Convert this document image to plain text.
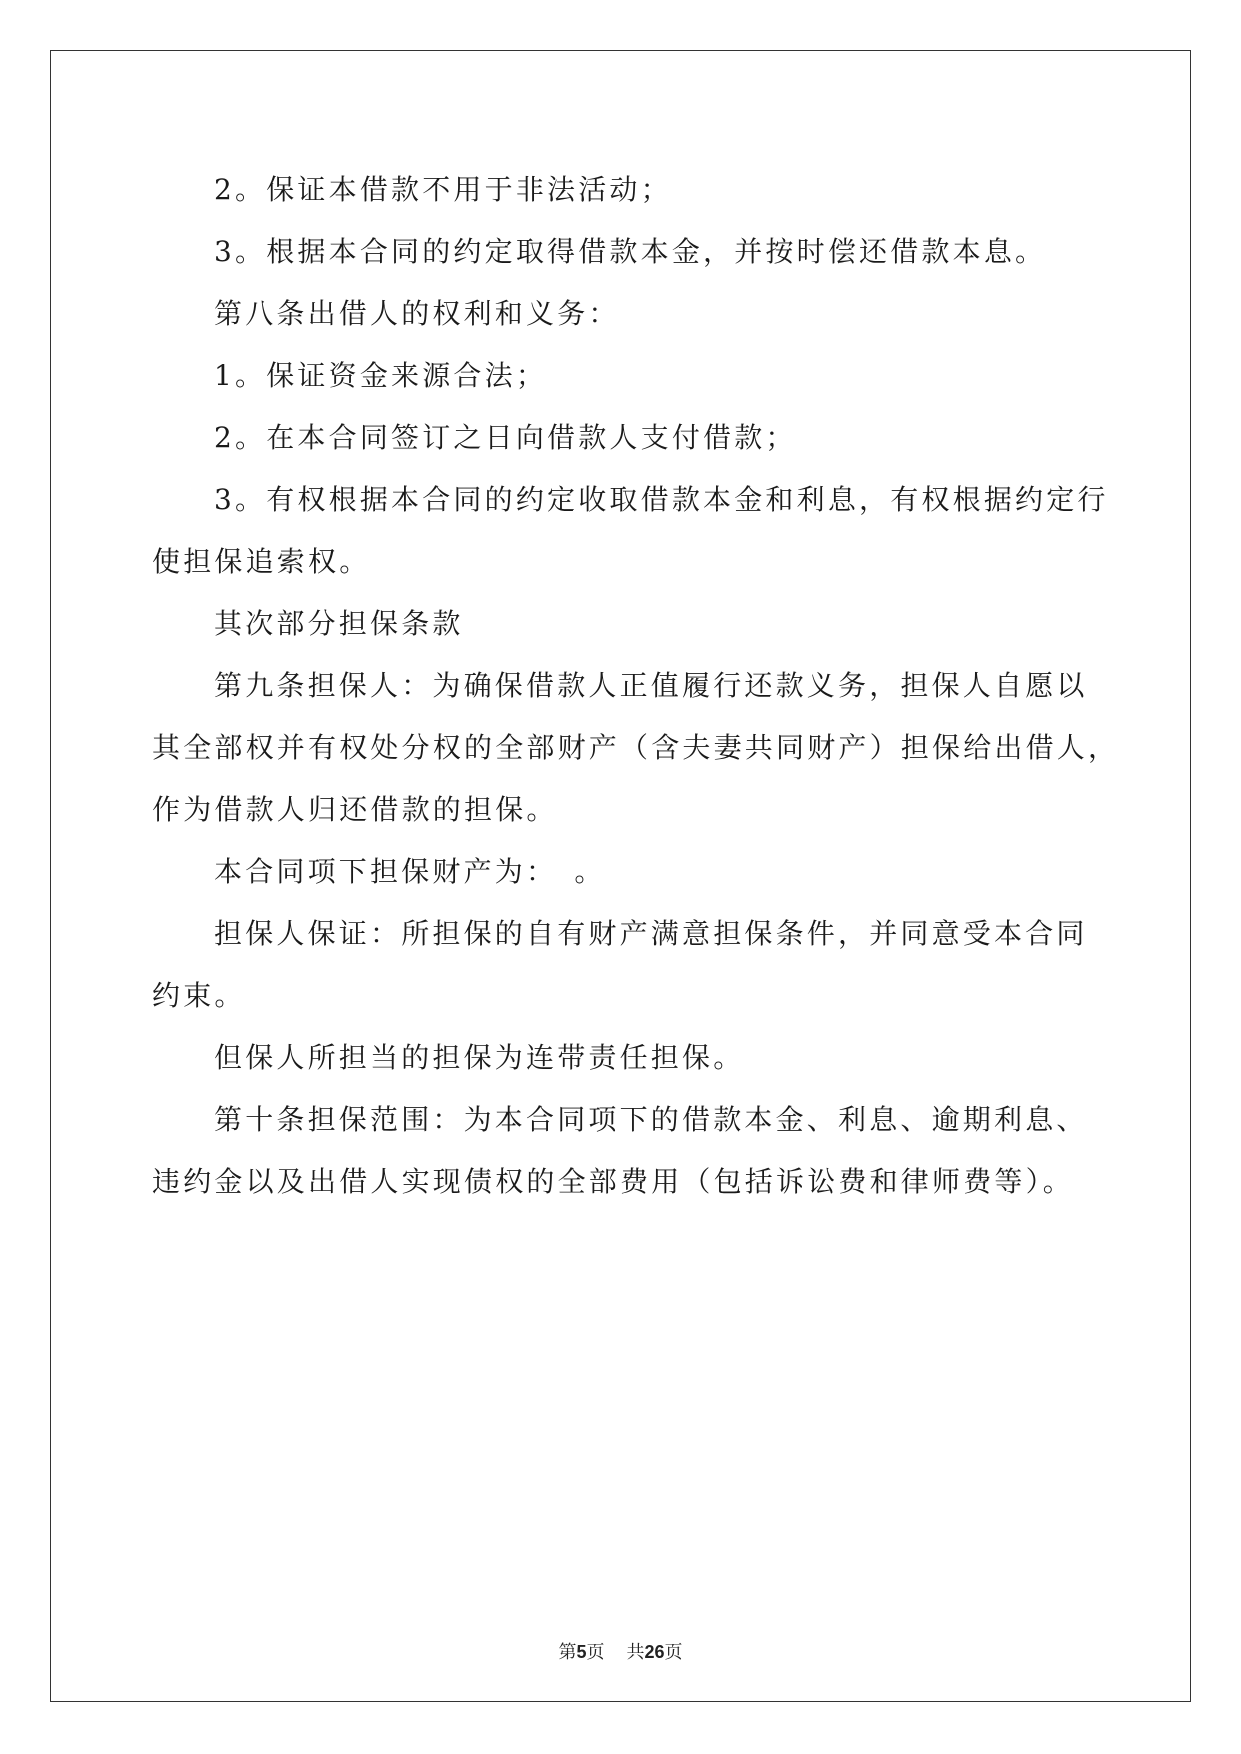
2。保证本借款不用于非法活动；

3。根据本合同的约定取得借款本金，并按时偿还借款本息。

第八条出借人的权利和义务：

1。保证资金来源合法；

2。在本合同签订之日向借款人支付借款；

3。有权根据本合同的约定收取借款本金和利息，有权根据约定行

使担保追索权。

其次部分担保条款

第九条担保人：为确保借款人正值履行还款义务，担保人自愿以

其全部权并有权处分权的全部财产（含夫妻共同财产）担保给出借人，

作为借款人归还借款的担保。

本合同项下担保财产为：　。

担保人保证：所担保的自有财产满意担保条件，并同意受本合同

约束。

但保人所担当的担保为连带责任担保。

第十条担保范围：为本合同项下的借款本金、利息、逾期利息、

违约金以及出借人实现债权的全部费用（包括诉讼费和律师费等）。

第5页 共26页
